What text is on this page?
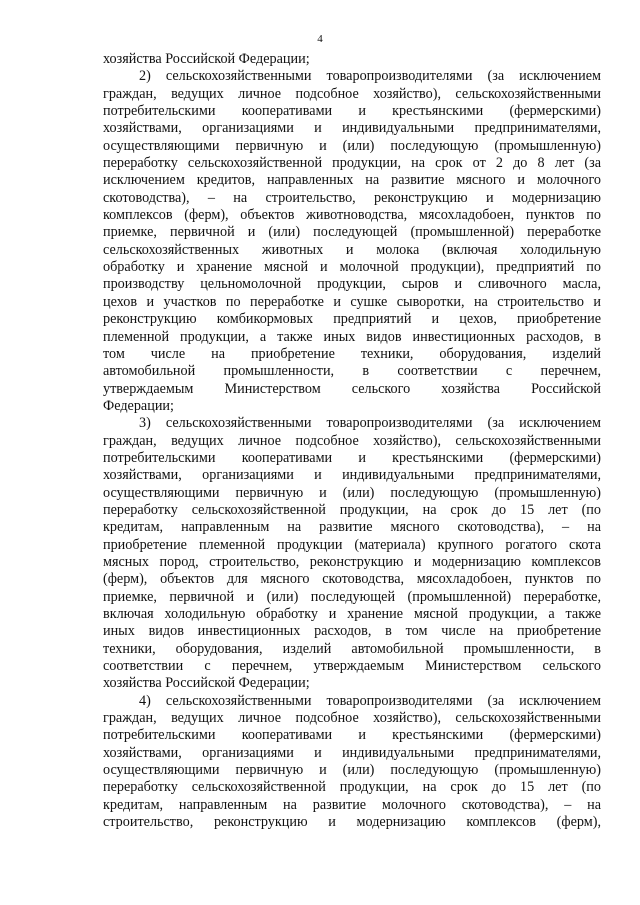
4
хозяйства Российской Федерации;
2) сельскохозяйственными товаропроизводителями (за исключением
граждан, ведущих личное подсобное хозяйство), сельскохозяйственными
потребительскими кооперативами и крестьянскими (фермерскими)
хозяйствами, организациями и индивидуальными предпринимателями,
осуществляющими первичную и (или) последующую (промышленную)
переработку сельскохозяйственной продукции, на срок от 2 до 8 лет (за
исключением кредитов, направленных на развитие мясного и молочного
скотоводства), – на строительство, реконструкцию и модернизацию
комплексов (ферм), объектов животноводства, мясохладобоен, пунктов по
приемке, первичной и (или) последующей (промышленной) переработке
сельскохозяйственных животных и молока (включая холодильную
обработку и хранение мясной и молочной продукции), предприятий по
производству цельномолочной продукции, сыров и сливочного масла,
цехов и участков по переработке и сушке сыворотки, на строительство и
реконструкцию комбикормовых предприятий и цехов, приобретение
племенной продукции, а также иных видов инвестиционных расходов, в
том числе на приобретение техники, оборудования, изделий
автомобильной промышленности, в соответствии с перечнем,
утверждаемым Министерством сельского хозяйства Российской
Федерации;
3) сельскохозяйственными товаропроизводителями (за исключением
граждан, ведущих личное подсобное хозяйство), сельскохозяйственными
потребительскими кооперативами и крестьянскими (фермерскими)
хозяйствами, организациями и индивидуальными предпринимателями,
осуществляющими первичную и (или) последующую (промышленную)
переработку сельскохозяйственной продукции, на срок до 15 лет (по
кредитам, направленным на развитие мясного скотоводства), – на
приобретение племенной продукции (материала) крупного рогатого скота
мясных пород, строительство, реконструкцию и модернизацию комплексов
(ферм), объектов для мясного скотоводства, мясохладобоен, пунктов по
приемке, первичной и (или) последующей (промышленной) переработке,
включая холодильную обработку и хранение мясной продукции, а также
иных видов инвестиционных расходов, в том числе на приобретение
техники, оборудования, изделий автомобильной промышленности, в
соответствии с перечнем, утверждаемым Министерством сельского
хозяйства Российской Федерации;
4) сельскохозяйственными товаропроизводителями (за исключением
граждан, ведущих личное подсобное хозяйство), сельскохозяйственными
потребительскими кооперативами и крестьянскими (фермерскими)
хозяйствами, организациями и индивидуальными предпринимателями,
осуществляющими первичную и (или) последующую (промышленную)
переработку сельскохозяйственной продукции, на срок до 15 лет (по
кредитам, направленным на развитие молочного скотоводства), – на
строительство, реконструкцию и модернизацию комплексов (ферм),
